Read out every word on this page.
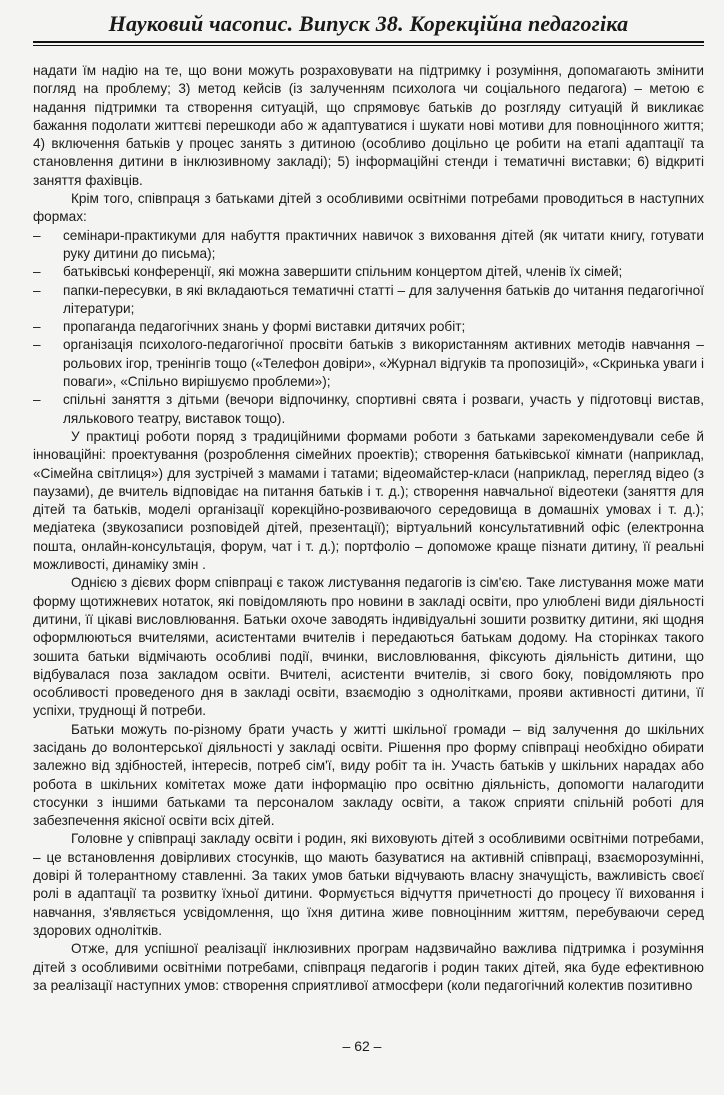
Науковий часопис. Випуск 38. Корекційна педагогіка

надати їм надію на те, що вони можуть розраховувати на підтримку і розуміння, допомагають змінити погляд на проблему; 3) метод кейсів (із залученням психолога чи соціального педагога) – метою є надання підтримки та створення ситуацій, що спрямовує батьків до розгляду ситуацій й викликає бажання подолати життєві перешкоди або ж адаптуватися і шукати нові мотиви для повноцінного життя; 4) включення батьків у процес занять з дитиною (особливо доцільно це робити на етапі адаптації та становлення дитини в інклюзивному закладі); 5) інформаційні стенди і тематичні виставки; 6) відкриті заняття фахівців.

Крім того, співпраця з батьками дітей з особливими освітніми потребами проводиться в наступних формах:

– семінари-практикуми для набуття практичних навичок з виховання дітей (як читати книгу, готувати руку дитини до письма);
– батьківські конференції, які можна завершити спільним концертом дітей, членів їх сімей;
– папки-пересувки, в які вкладаються тематичні статті – для залучення батьків до читання педагогічної літератури;
– пропаганда педагогічних знань у формі виставки дитячих робіт;
– організація психолого-педагогічної просвіти батьків з використанням активних методів навчання – рольових ігор, тренінгів тощо («Телефон довіри», «Журнал відгуків та пропозицій», «Скринька уваги і поваги», «Спільно вирішуємо проблеми»);
– спільні заняття з дітьми (вечори відпочинку, спортивні свята і розваги, участь у підготовці вистав, лялькового театру, виставок тощо).

У практиці роботи поряд з традиційними формами роботи з батьками зарекомендували себе й інноваційні: проектування (розроблення сімейних проектів); створення батьківської кімнати (наприклад, «Сімейна світлиця») для зустрічей з мамами і татами; відеомайстер-класи (наприклад, перегляд відео (з паузами), де вчитель відповідає на питання батьків і т. д.); створення навчальної відеотеки (заняття для дітей та батьків, моделі організації корекційно-розвиваючого середовища в домашніх умовах і т. д.); медіатека (звукозаписи розповідей дітей, презентації); віртуальний консультативний офіс (електронна пошта, онлайн-консультація, форум, чат і т. д.); портфоліо – допоможе краще пізнати дитину, її реальні можливості, динаміку змін .

Однією з дієвих форм співпраці є також листування педагогів із сім'єю. Таке листування може мати форму щотижневих нотаток, які повідомляють про новини в закладі освіти, про улюблені види діяльності дитини, її цікаві висловлювання. Батьки охоче заводять індивідуальні зошити розвитку дитини, які щодня оформлюються вчителями, асистентами вчителів і передаються батькам додому. На сторінках такого зошита батьки відмічають особливі події, вчинки, висловлювання, фіксують діяльність дитини, що відбувалася поза закладом освіти. Вчителі, асистенти вчителів, зі свого боку, повідомляють про особливості проведеного дня в закладі освіти, взаємодію з однолітками, прояви активності дитини, її успіхи, труднощі й потреби.

Батьки можуть по-різному брати участь у житті шкільної громади – від залучення до шкільних засідань до волонтерської діяльності у закладі освіти. Рішення про форму співпраці необхідно обирати залежно від здібностей, інтересів, потреб сім'ї, виду робіт та ін. Участь батьків у шкільних нарадах або робота в шкільних комітетах може дати інформацію про освітню діяльність, допомогти налагодити стосунки з іншими батьками та персоналом закладу освіти, а також сприяти спільній роботі для забезпечення якісної освіти всіх дітей.

Головне у співпраці закладу освіти і родин, які виховують дітей з особливими освітніми потребами, – це встановлення довірливих стосунків, що мають базуватися на активній співпраці, взаєморозумінні, довірі й толерантному ставленні. За таких умов батьки відчувають власну значущість, важливість своєї ролі в адаптації та розвитку їхньої дитини. Формується відчуття причетності до процесу її виховання і навчання, з'являється усвідомлення, що їхня дитина живе повноцінним життям, перебуваючи серед здорових однолітків.

Отже, для успішної реалізації інклюзивних програм надзвичайно важлива підтримка і розуміння дітей з особливими освітніми потребами, співпраця педагогів і родин таких дітей, яка буде ефективною за реалізації наступних умов: створення сприятливої атмосфери (коли педагогічний колектив позитивно

– 62 –
